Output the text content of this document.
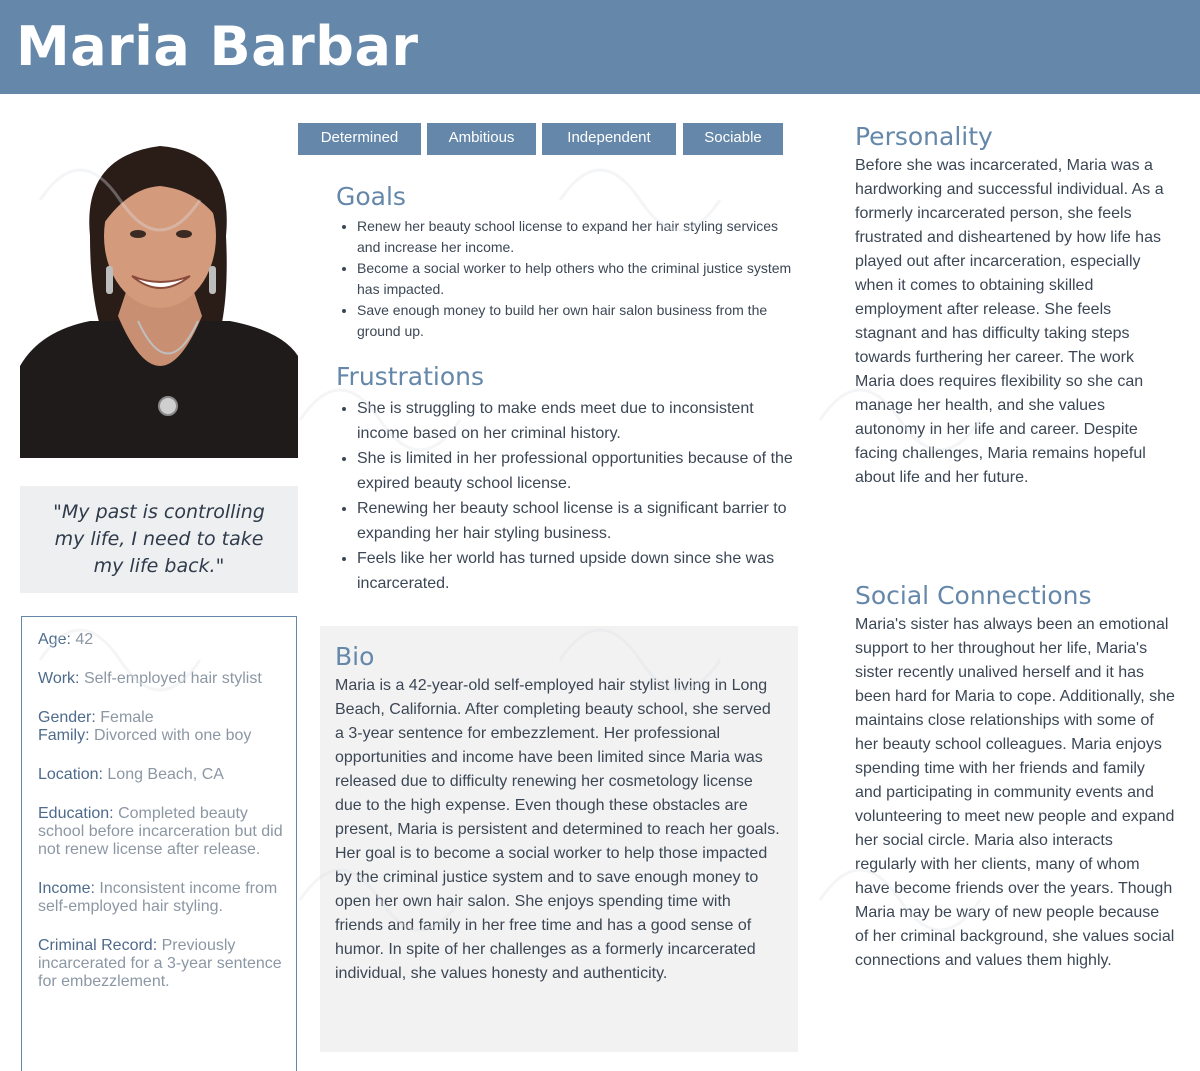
Maria Barbar

"My past is controlling my life, I need to take my life back."

Age: 42
Work: Self-employed hair stylist
Gender: Female
Family: Divorced with one boy
Location: Long Beach, CA
Education: Completed beauty school before incarceration but did not renew license after release.
Income: Inconsistent income from self-employed hair styling.
Criminal Record: Previously incarcerated for a 3-year sentence for embezzlement.
Determined	Ambitious	Independent	Sociable
Goals
• Renew her beauty school license to expand her hair styling services and increase her income.
• Become a social worker to help others who the criminal justice system has impacted.
• Save enough money to build her own hair salon business from the ground up.
Frustrations
• She is struggling to make ends meet due to inconsistent income based on her criminal history.
• She is limited in her professional opportunities because of the expired beauty school license.
• Renewing her beauty school license is a significant barrier to expanding her hair styling business.
• Feels like her world has turned upside down since she was incarcerated.
Bio

Maria is a 42-year-old self-employed hair stylist living in Long Beach, California. After completing beauty school, she served a 3-year sentence for embezzlement. Her professional opportunities and income have been limited since Maria was released due to difficulty renewing her cosmetology license due to the high expense. Even though these obstacles are present, Maria is persistent and determined to reach her goals. Her goal is to become a social worker to help those impacted by the criminal justice system and to save enough money to open her own hair salon. She enjoys spending time with friends and family in her free time and has a good sense of humor. In spite of her challenges as a formerly incarcerated individual, she values honesty and authenticity.

Personality

Before she was incarcerated, Maria was a hardworking and successful individual. As a formerly incarcerated person, she feels frustrated and disheartened by how life has played out after incarceration, especially when it comes to obtaining skilled employment after release. She feels stagnant and has difficulty taking steps towards furthering her career. The work Maria does requires flexibility so she can manage her health, and she values autonomy in her life and career. Despite facing challenges, Maria remains hopeful about life and her future.

Social Connections

Maria's sister has always been an emotional support to her throughout her life, Maria's sister recently unalived herself and it has been hard for Maria to cope. Additionally, she maintains close relationships with some of her beauty school colleagues. Maria enjoys spending time with her friends and family and participating in community events and volunteering to meet new people and expand her social circle. Maria also interacts regularly with her clients, many of whom have become friends over the years. Though Maria may be wary of new people because of her criminal background, she values social connections and values them highly.
